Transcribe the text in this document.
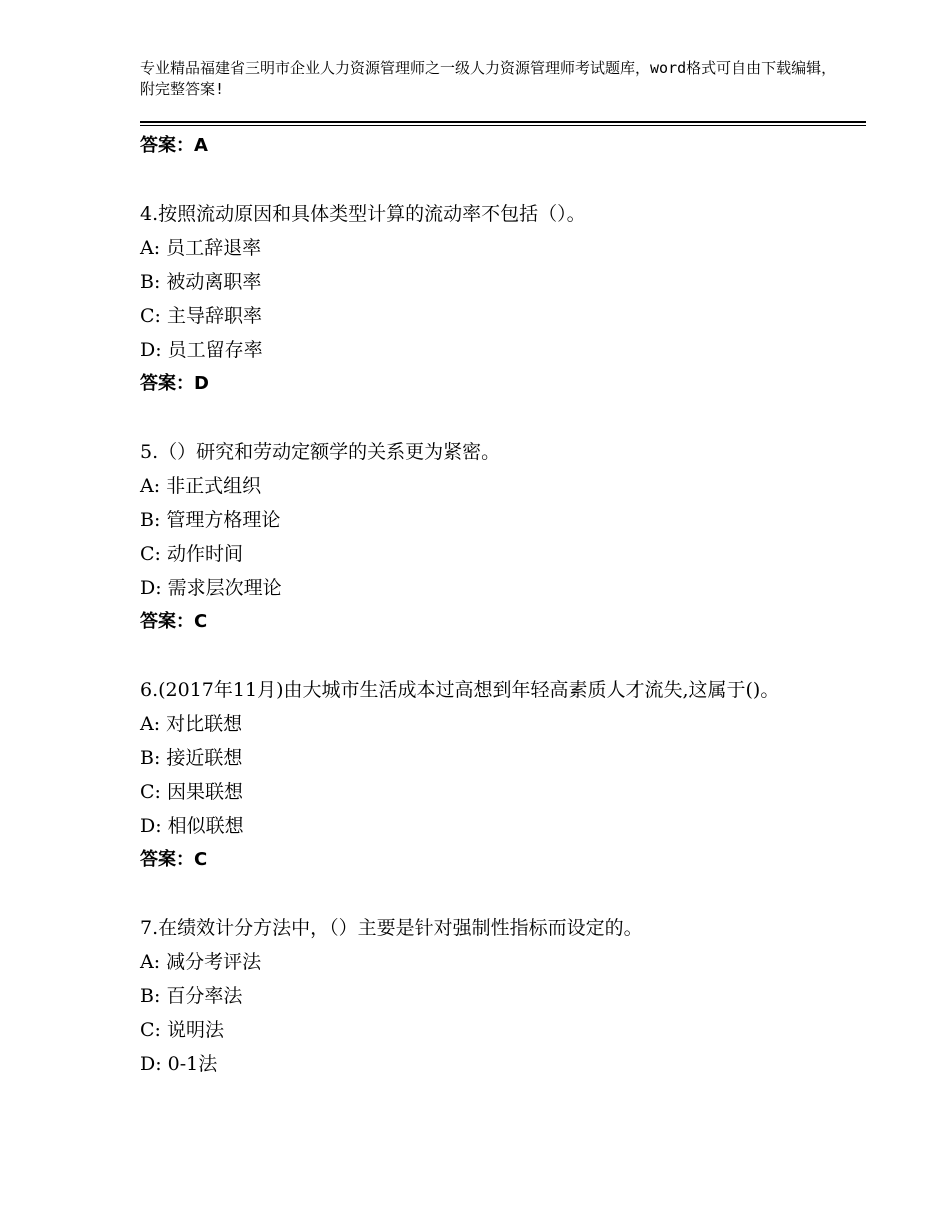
专业精品福建省三明市企业人力资源管理师之一级人力资源管理师考试题库，word格式可自由下载编辑，附完整答案!
答案：A
4.按照流动原因和具体类型计算的流动率不包括（）。
A: 员工辞退率
B: 被动离职率
C: 主导辞职率
D: 员工留存率
答案：D
5.（）研究和劳动定额学的关系更为紧密。
A: 非正式组织
B: 管理方格理论
C: 动作时间
D: 需求层次理论
答案：C
6.(2017年11月)由大城市生活成本过高想到年轻高素质人才流失,这属于()。
A: 对比联想
B: 接近联想
C: 因果联想
D: 相似联想
答案：C
7.在绩效计分方法中，（）主要是针对强制性指标而设定的。
A: 减分考评法
B: 百分率法
C: 说明法
D: 0-1法
